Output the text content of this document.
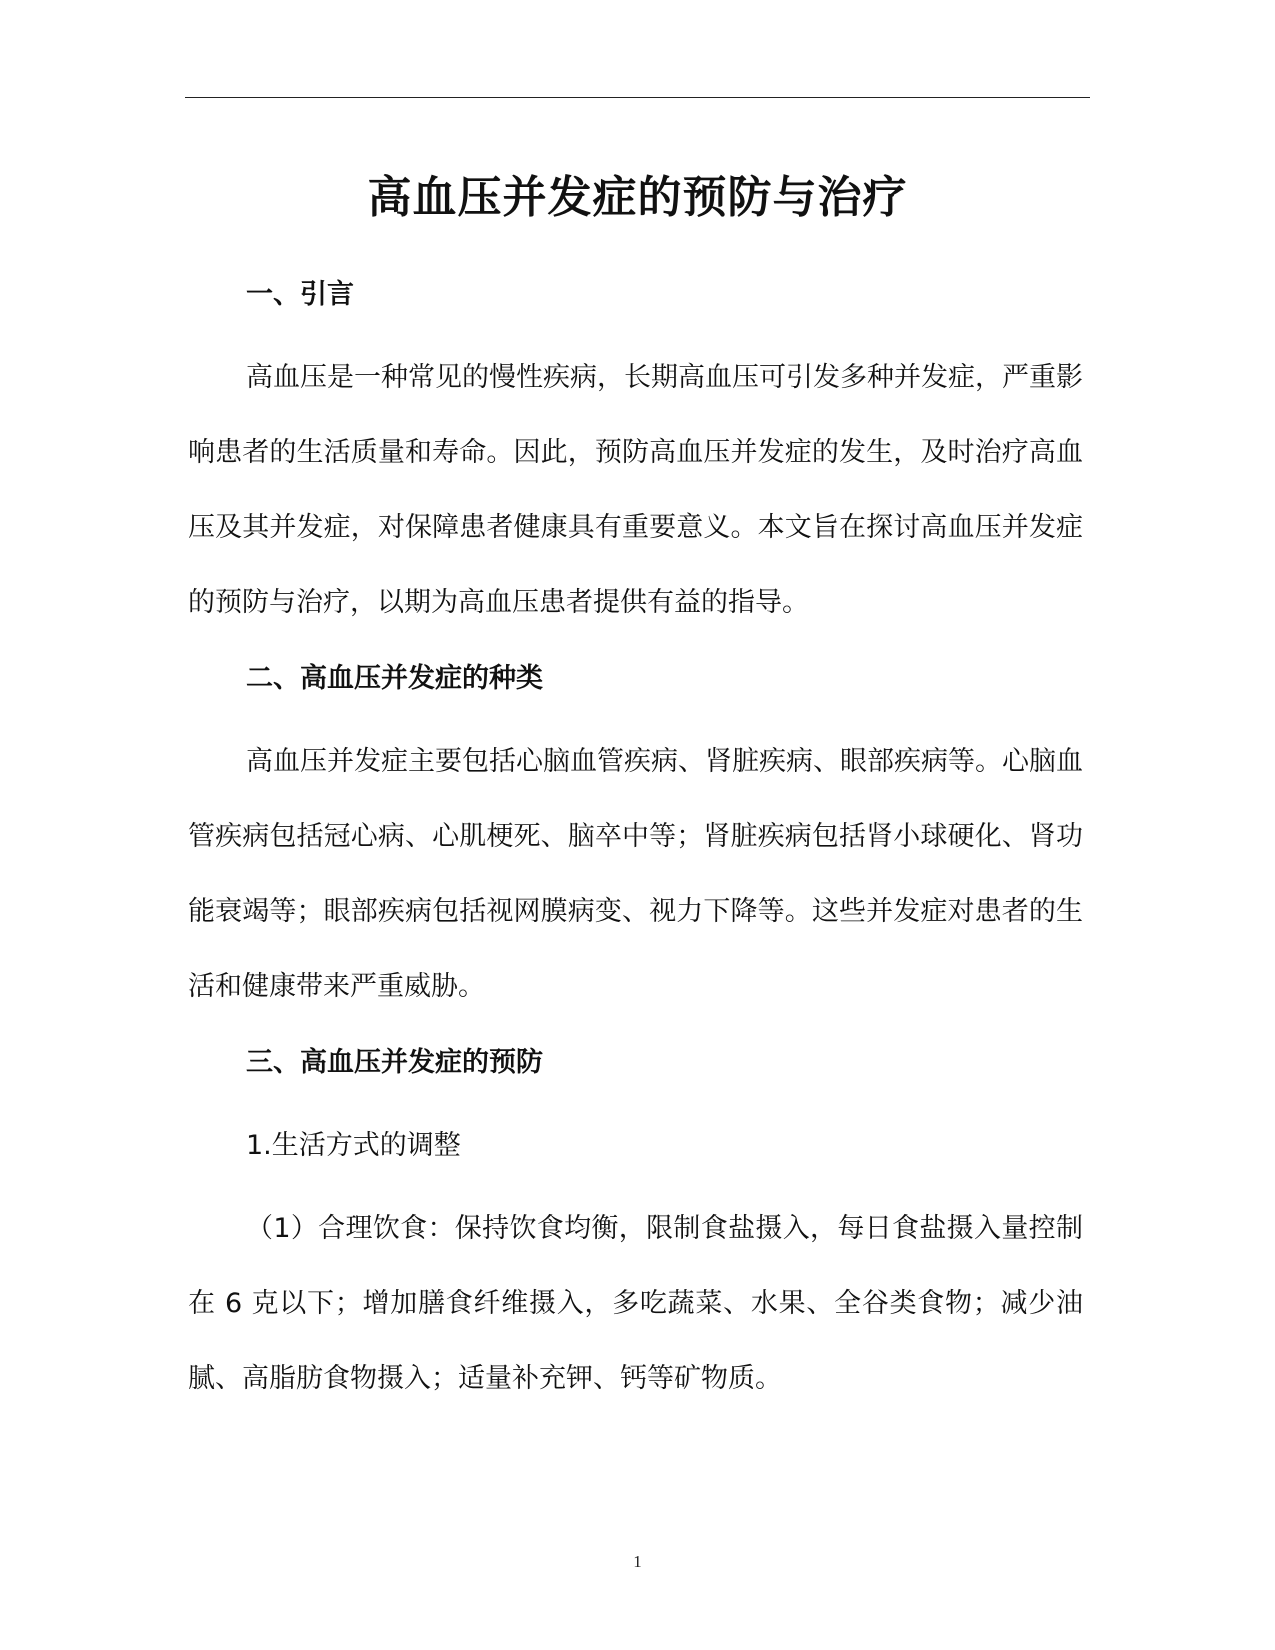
高血压并发症的预防与治疗
一、引言

高血压是一种常见的慢性疾病，长期高血压可引发多种并发症，严重影响患者的生活质量和寿命。因此，预防高血压并发症的发生，及时治疗高血压及其并发症，对保障患者健康具有重要意义。本文旨在探讨高血压并发症的预防与治疗，以期为高血压患者提供有益的指导。

二、高血压并发症的种类

高血压并发症主要包括心脑血管疾病、肾脏疾病、眼部疾病等。心脑血管疾病包括冠心病、心肌梗死、脑卒中等；肾脏疾病包括肾小球硬化、肾功能衰竭等；眼部疾病包括视网膜病变、视力下降等。这些并发症对患者的生活和健康带来严重威胁。

三、高血压并发症的预防

1.生活方式的调整

（1）合理饮食：保持饮食均衡，限制食盐摄入，每日食盐摄入量控制在 6 克以下；增加膳食纤维摄入，多吃蔬菜、水果、全谷类食物；减少油腻、高脂肪食物摄入；适量补充钾、钙等矿物质。

1
